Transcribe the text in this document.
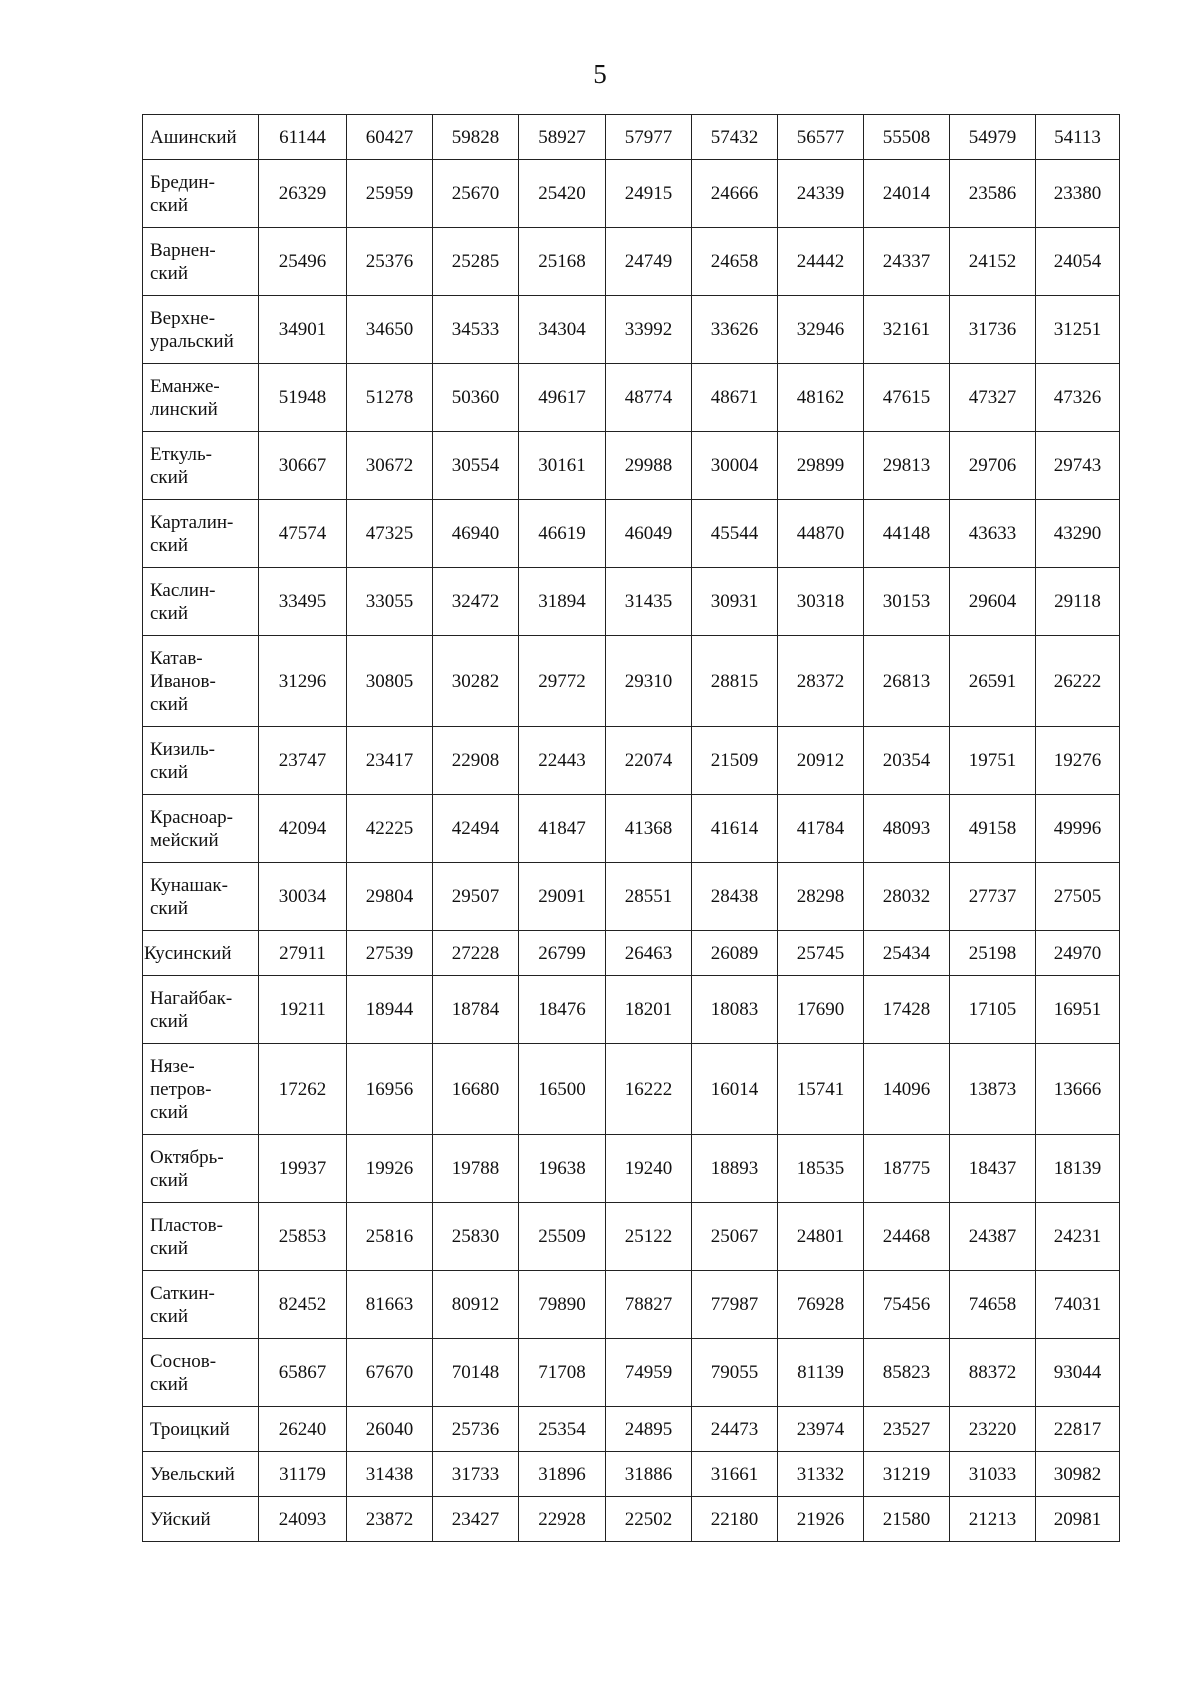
5
Ашинский	61144	60427	59828	58927	57977	57432	56577	55508	54979	54113
Бредин-
ский	26329	25959	25670	25420	24915	24666	24339	24014	23586	23380
Варнен-
ский	25496	25376	25285	25168	24749	24658	24442	24337	24152	24054
Верхне-
уральский	34901	34650	34533	34304	33992	33626	32946	32161	31736	31251
Еманже-
линский	51948	51278	50360	49617	48774	48671	48162	47615	47327	47326
Еткуль-
ский	30667	30672	30554	30161	29988	30004	29899	29813	29706	29743
Карталин-
ский	47574	47325	46940	46619	46049	45544	44870	44148	43633	43290
Каслин-
ский	33495	33055	32472	31894	31435	30931	30318	30153	29604	29118
Катав-
Иванов-
ский	31296	30805	30282	29772	29310	28815	28372	26813	26591	26222
Кизиль-
ский	23747	23417	22908	22443	22074	21509	20912	20354	19751	19276
Красноар-
мейский	42094	42225	42494	41847	41368	41614	41784	48093	49158	49996
Кунашак-
ский	30034	29804	29507	29091	28551	28438	28298	28032	27737	27505
Кусинский	27911	27539	27228	26799	26463	26089	25745	25434	25198	24970
Нагайбак-
ский	19211	18944	18784	18476	18201	18083	17690	17428	17105	16951
Нязе-
петров-
ский	17262	16956	16680	16500	16222	16014	15741	14096	13873	13666
Октябрь-
ский	19937	19926	19788	19638	19240	18893	18535	18775	18437	18139
Пластов-
ский	25853	25816	25830	25509	25122	25067	24801	24468	24387	24231
Саткин-
ский	82452	81663	80912	79890	78827	77987	76928	75456	74658	74031
Соснов-
ский	65867	67670	70148	71708	74959	79055	81139	85823	88372	93044
Троицкий	26240	26040	25736	25354	24895	24473	23974	23527	23220	22817
Увельский	31179	31438	31733	31896	31886	31661	31332	31219	31033	30982
Уйский	24093	23872	23427	22928	22502	22180	21926	21580	21213	20981
